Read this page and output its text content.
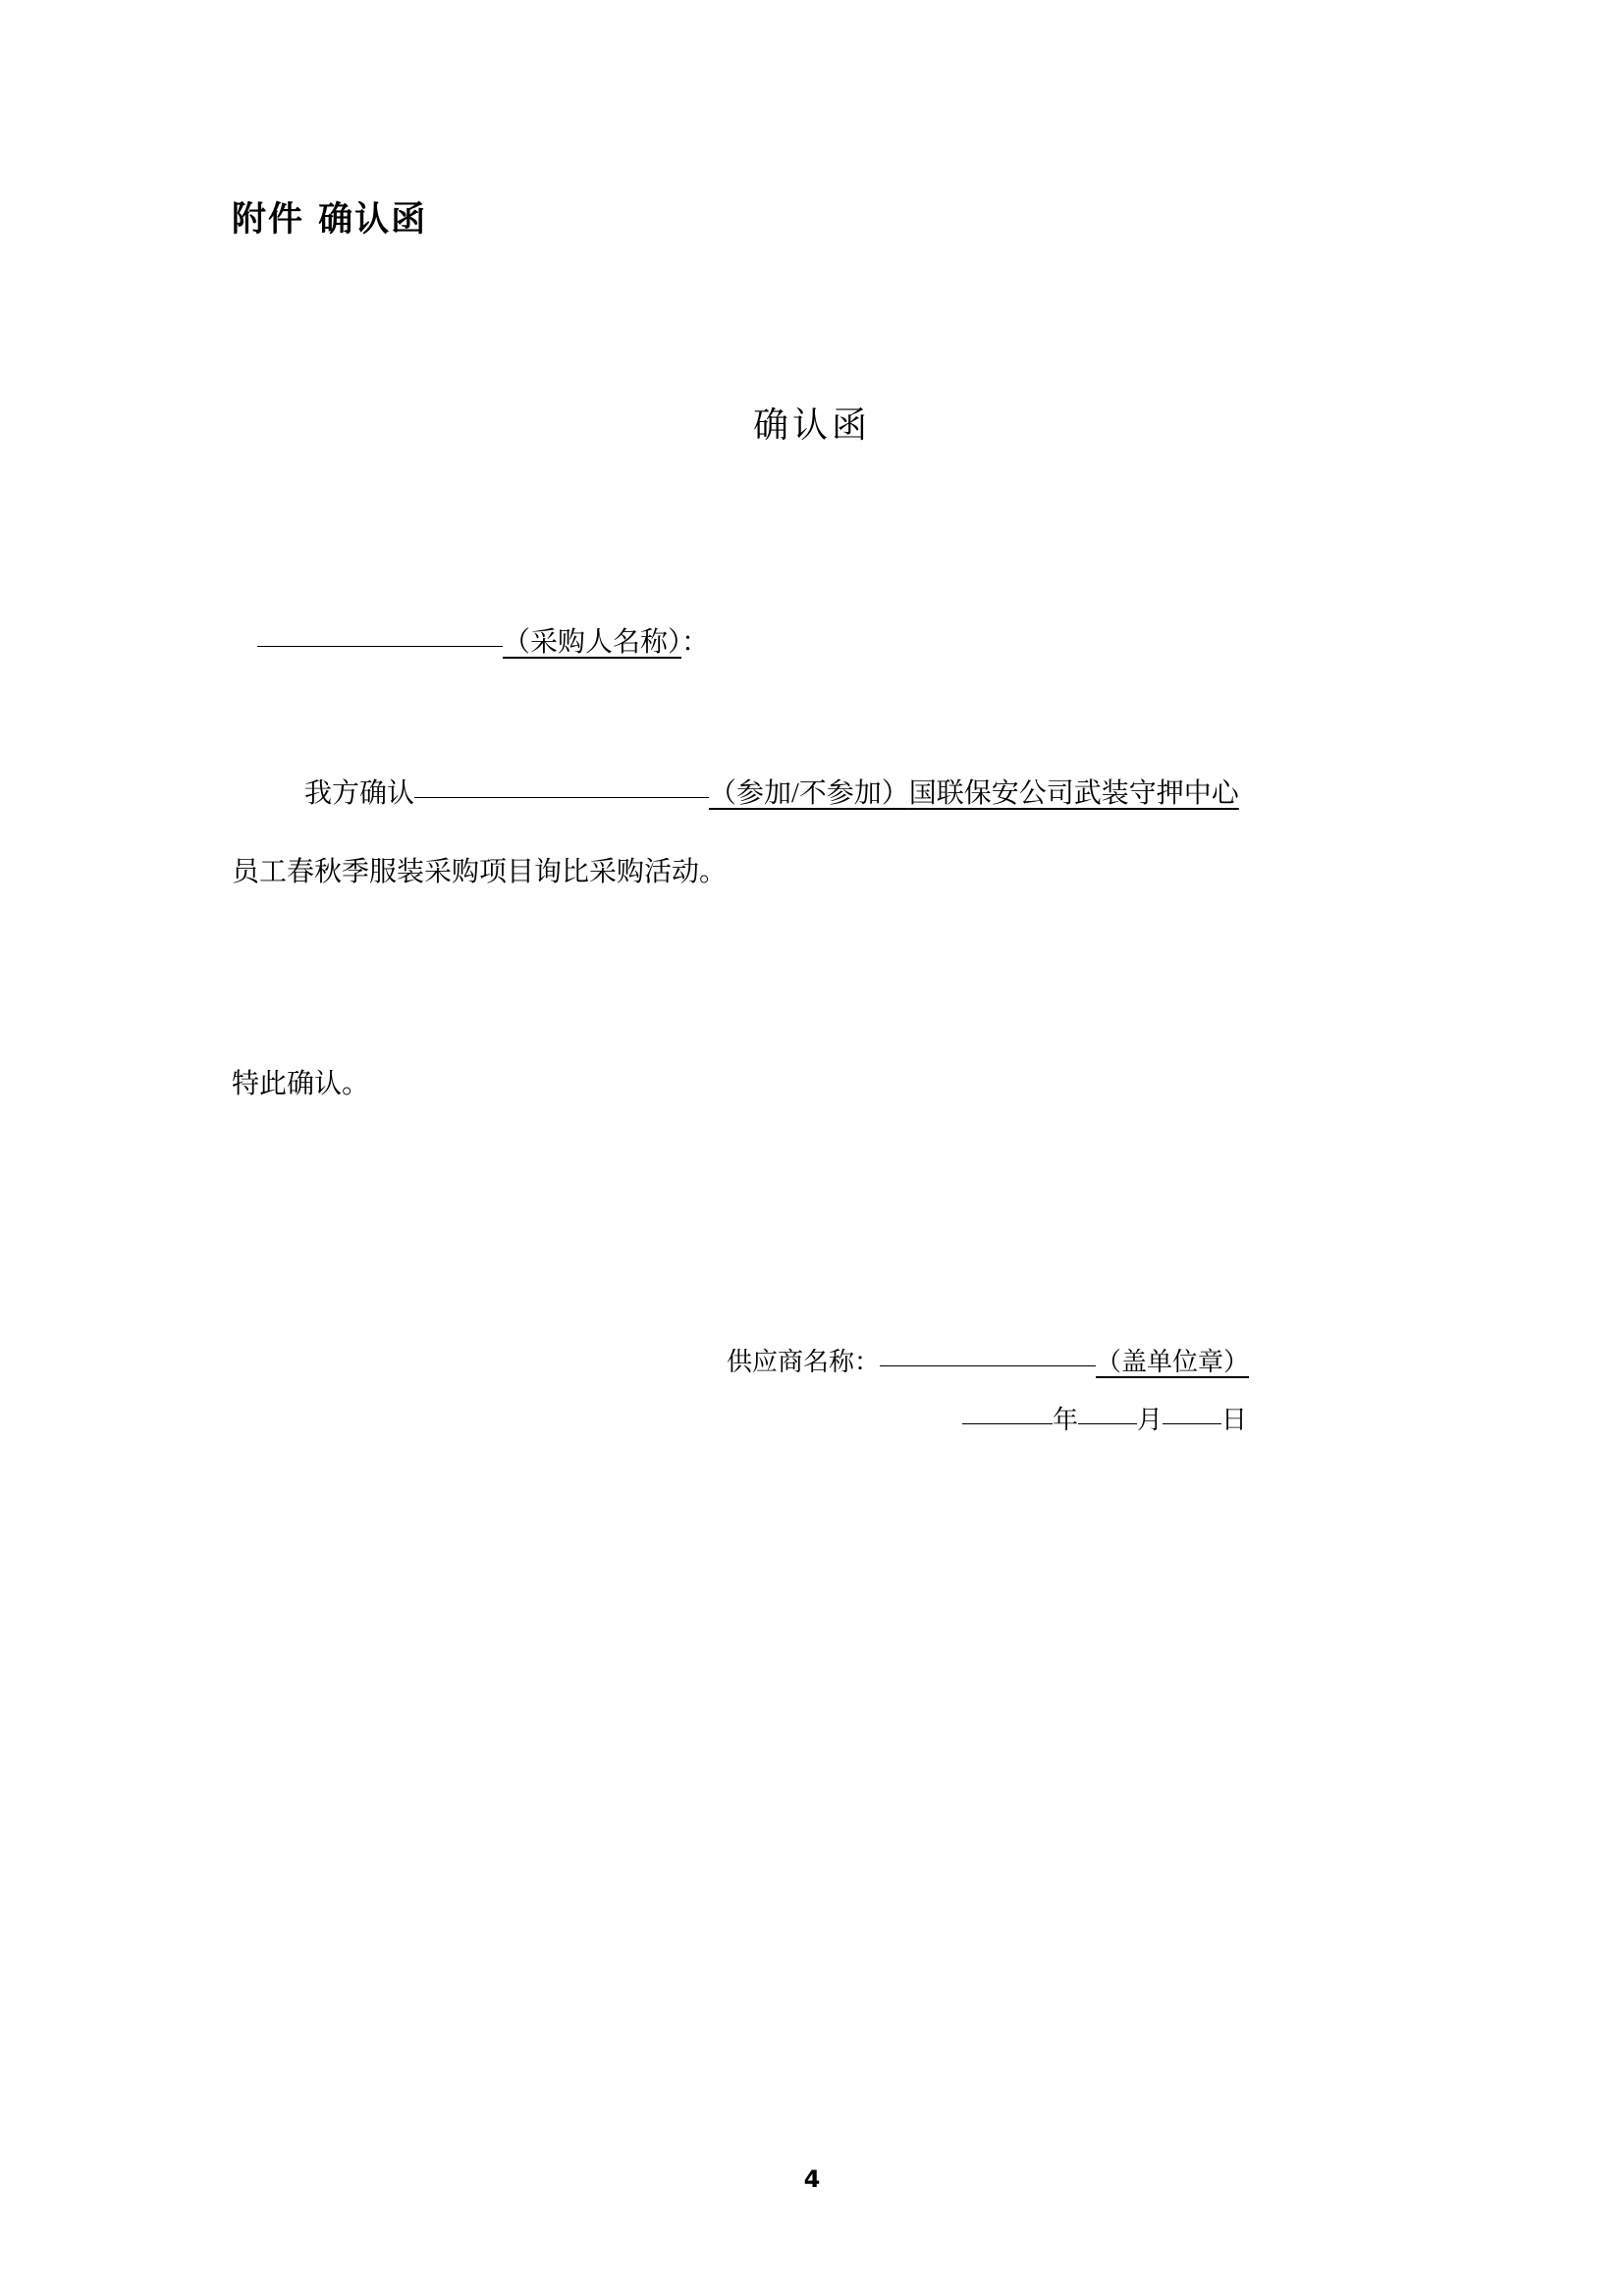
附件 确认函
确认函
（采购人名称）：
我方确认	（参加/不参加）国联保安公司武装守押中心
员工春秋季服装采购项目询比采购活动。
特此确认。
供应商名称：	（盖单位章）
年 月 日
4
